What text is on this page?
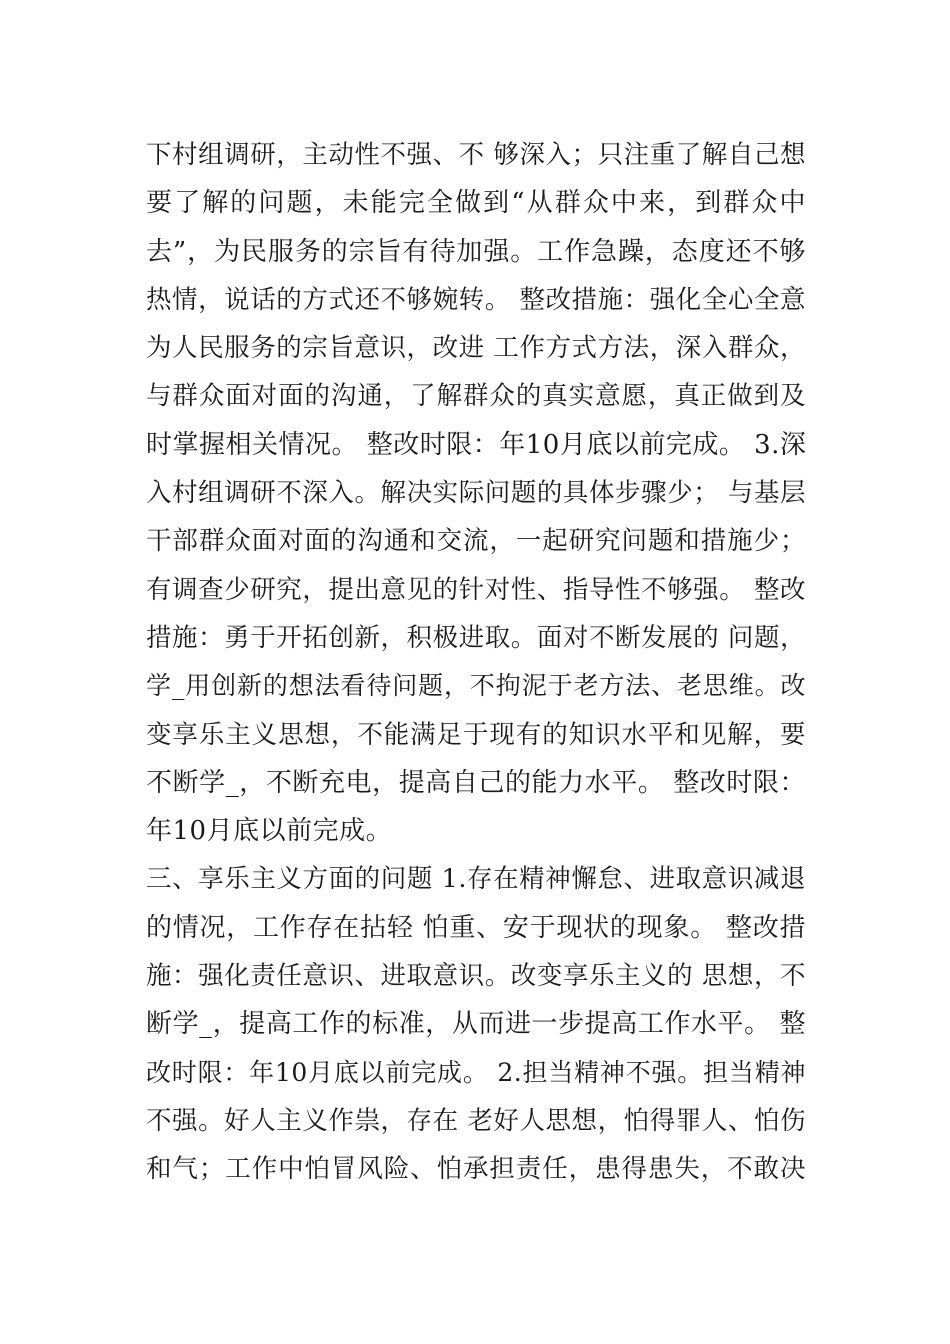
下村组调研，主动性不强、不 够深入；只注重了解自己想
要了解的问题，未能完全做到“从群众中来，到群众中
去”，为民服务的宗旨有待加强。工作急躁，态度还不够
热情，说话的方式还不够婉转。 整改措施：强化全心全意
为人民服务的宗旨意识，改进 工作方式方法，深入群众，
与群众面对面的沟通，了解群众的真实意愿，真正做到及
时掌握相关情况。 整改时限：年10月底以前完成。 3.深
入村组调研不深入。解决实际问题的具体步骤少； 与基层
干部群众面对面的沟通和交流，一起研究问题和措施少；
有调查少研究，提出意见的针对性、指导性不够强。 整改
措施：勇于开拓创新，积极进取。面对不断发展的 问题，
学_用创新的想法看待问题，不拘泥于老方法、老思维。改
变享乐主义思想，不能满足于现有的知识水平和见解，要
不断学_，不断充电，提高自己的能力水平。 整改时限：
年10月底以前完成。
三、享乐主义方面的问题 1.存在精神懈怠、进取意识减退
的情况，工作存在拈轻 怕重、安于现状的现象。 整改措
施：强化责任意识、进取意识。改变享乐主义的 思想，不
断学_，提高工作的标准，从而进一步提高工作水平。 整
改时限：年10月底以前完成。 2.担当精神不强。担当精神
不强。好人主义作祟，存在 老好人思想，怕得罪人、怕伤
和气；工作中怕冒风险、怕承担责任，患得患失，不敢决
